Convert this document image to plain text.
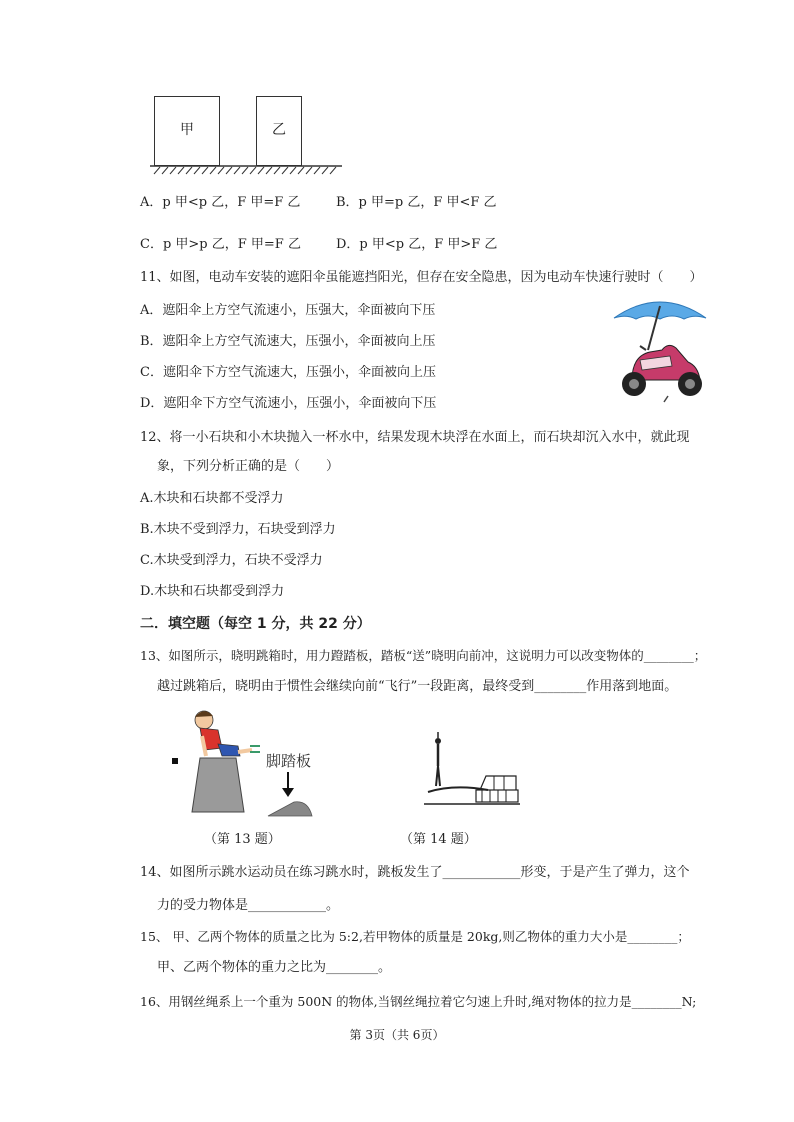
甲	乙
A．p 甲<p 乙，F 甲=F 乙	B．p 甲=p 乙，F 甲<F 乙
C．p 甲>p 乙，F 甲=F 乙	D．p 甲<p 乙，F 甲>F 乙
11、如图，电动车安装的遮阳伞虽能遮挡阳光，但存在安全隐患，因为电动车快速行驶时（　　）
A．遮阳伞上方空气流速小，压强大，伞面被向下压
B．遮阳伞上方空气流速大，压强小，伞面被向上压
C．遮阳伞下方空气流速大，压强小，伞面被向上压
D．遮阳伞下方空气流速小，压强小，伞面被向下压
12、将一小石块和小木块抛入一杯水中，结果发现木块浮在水面上，而石块却沉入水中，就此现
象，下列分析正确的是（　　）
A.木块和石块都不受浮力
B.木块不受到浮力，石块受到浮力
C.木块受到浮力，石块不受浮力
D.木块和石块都受到浮力
二．填空题（每空 1 分，共 22 分）
13、如图所示，晓明跳箱时，用力蹬踏板，踏板“送”晓明向前冲，这说明力可以改变物体的________；
越过跳箱后，晓明由于惯性会继续向前“飞行”一段距离，最终受到________作用落到地面。
脚踏板
（第 13 题）	（第 14 题）
14、如图所示跳水运动员在练习跳水时，跳板发生了____________形变，于是产生了弹力，这个
力的受力物体是____________。
15、 甲、乙两个物体的质量之比为 5:2,若甲物体的质量是 20kg,则乙物体的重力大小是________；
甲、乙两个物体的重力之比为________。
16、用钢丝绳系上一个重为 500N 的物体,当钢丝绳拉着它匀速上升时,绳对物体的拉力是________N;
第 3页（共 6页）
